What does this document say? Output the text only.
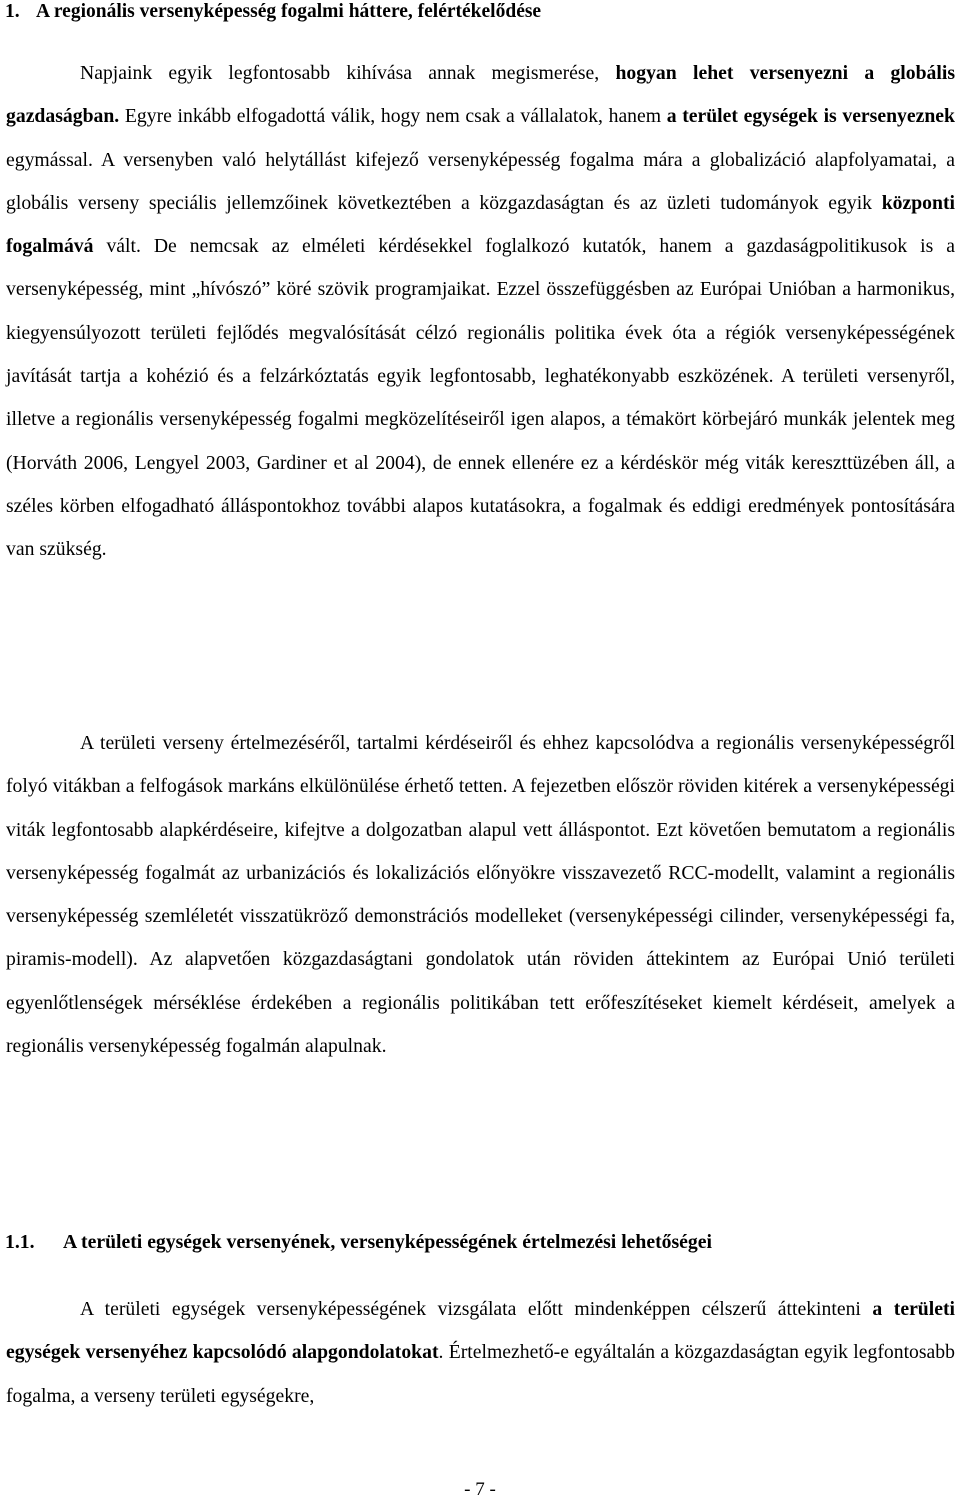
1. A regionális versenyképesség fogalmi háttere, felértékelődése

Napjaink egyik legfontosabb kihívása annak megismerése, hogyan lehet versenyezni a globális gazdaságban. Egyre inkább elfogadottá válik, hogy nem csak a vállalatok, hanem a terület egységek is versenyeznek egymással. A versenyben való helytállást kifejező versenyképesség fogalma mára a globalizáció alapfolyamatai, a globális verseny speciális jellemzőinek következtében a közgazdaságtan és az üzleti tudományok egyik központi fogalmává vált. De nemcsak az elméleti kérdésekkel foglalkozó kutatók, hanem a gazdaságpolitikusok is a versenyképesség, mint „hívószó” köré szövik programjaikat. Ezzel összefüggésben az Európai Unióban a harmonikus, kiegyensúlyozott területi fejlődés megvalósítását célzó regionális politika évek óta a régiók versenyképességének javítását tartja a kohézió és a felzárkóztatás egyik legfontosabb, leghatékonyabb eszközének. A területi versenyről, illetve a regionális versenyképesség fogalmi megközelítéseiről igen alapos, a témakört körbejáró munkák jelentek meg (Horváth 2006, Lengyel 2003, Gardiner et al 2004), de ennek ellenére ez a kérdéskör még viták kereszttüzében áll, a széles körben elfogadható álláspontokhoz további alapos kutatásokra, a fogalmak és eddigi eredmények pontosítására van szükség.

A területi verseny értelmezéséről, tartalmi kérdéseiről és ehhez kapcsolódva a regionális versenyképességről folyó vitákban a felfogások markáns elkülönülése érhető tetten. A fejezetben először röviden kitérek a versenyképességi viták legfontosabb alapkérdéseire, kifejtve a dolgozatban alapul vett álláspontot. Ezt követően bemutatom a regionális versenyképesség fogalmát az urbanizációs és lokalizációs előnyökre visszavezető RCC-modellt, valamint a regionális versenyképesség szemléletét visszatükröző demonstrációs modelleket (versenyképességi cilinder, versenyképességi fa, piramis-modell). Az alapvetően közgazdaságtani gondolatok után röviden áttekintem az Európai Unió területi egyenlőtlenségek mérséklése érdekében a regionális politikában tett erőfeszítéseket kiemelt kérdéseit, amelyek a regionális versenyképesség fogalmán alapulnak.

1.1. A területi egységek versenyének, versenyképességének értelmezési lehetőségei

A területi egységek versenyképességének vizsgálata előtt mindenképpen célszerű áttekinteni a területi egységek versenyéhez kapcsolódó alapgondolatokat. Értelmezhető-e egyáltalán a közgazdaságtan egyik legfontosabb fogalma, a verseny területi egységekre,

- 7 -
